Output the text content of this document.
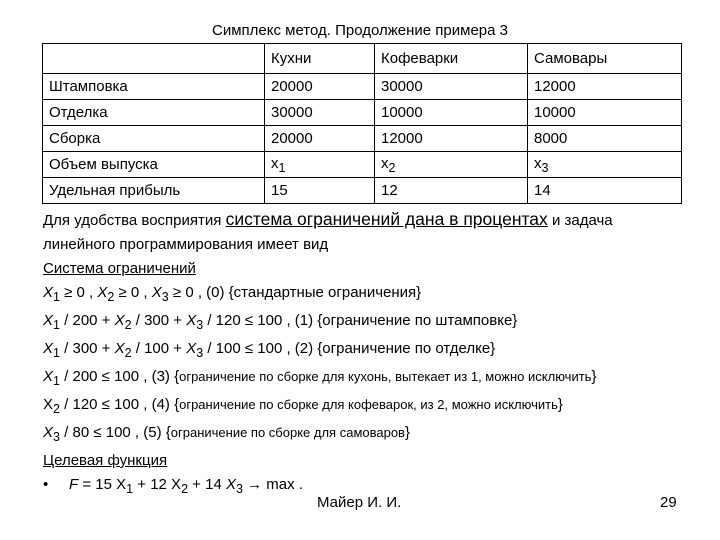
Симплекс метод. Продолжение примера 3
	Кухни	Кофеварки	Самовары
Штамповка	20000	30000	12000
Отделка	30000	10000	10000
Сборка	20000	12000	8000
Объем выпуска	$x_1$	$x_2$	$x_3$
Удельная прибыль	15	12	14
Для удобства восприятия система ограничений дана в процентах и задача
линейного программирования имеет вид
Система ограничений
$X_1 \ge 0$ , $X_2 \ge 0$ , $X_3 \ge 0$ , (0) {стандартные ограничения}
$X_1 / 200 + X_2 / 300 + X_3 / 120 \le 100$ , (1) {ограничение по штамповке}
$X_1 / 300 + X_2 / 100 + X_3 / 100 \le 100$ , (2) {ограничение по отделке}
$X_1 / 200 \le 100$ , (3) {ограничение по сборке для кухонь, вытекает из 1, можно исключить}
$X_2 / 120 \le 100$ , (4) {ограничение по сборке для кофеварок, из 2, можно исключить}
$X_3 / 80 \le 100$ , (5) {ограничение по сборке для самоваров}
Целевая функция
• F = 15 $X_1 + 12$ $X_2 + 14$ $X_3 \to \max$ .
Майер И. И.	29
